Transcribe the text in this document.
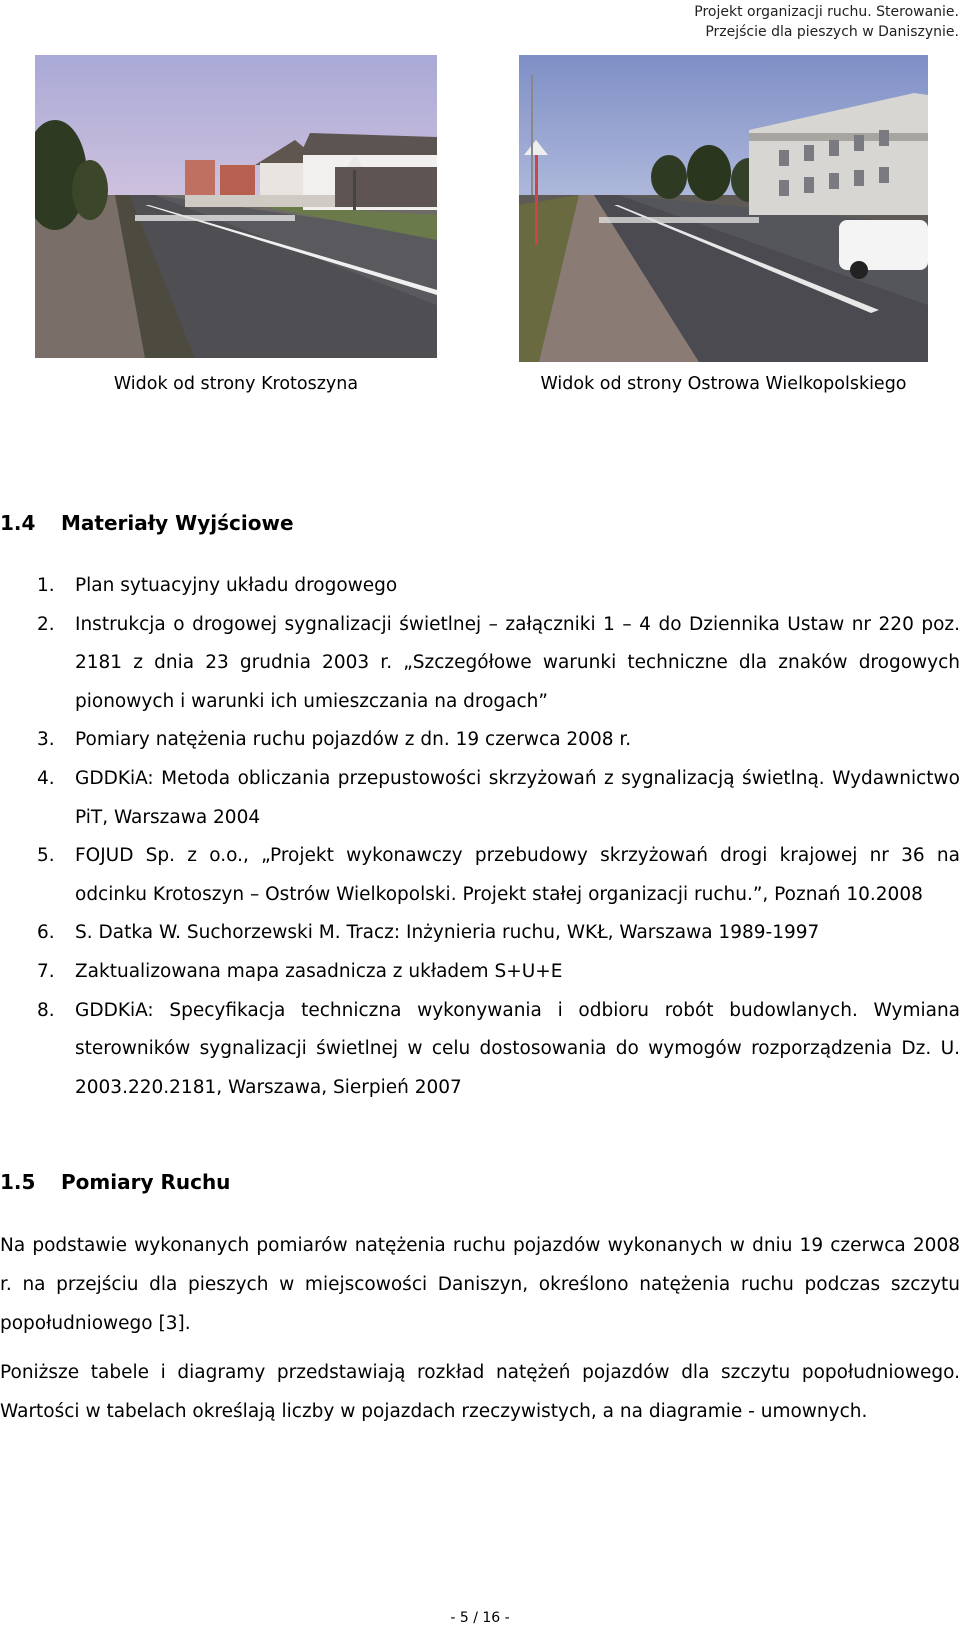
Projekt organizacji ruchu. Sterowanie.
Przejście dla pieszych w Daniszynie.
Widok od strony Krotoszyna	Widok od strony Ostrowa Wielkopolskiego
1.4 Materiały Wyjściowe
1.	Plan sytuacyjny układu drogowego
2.	Instrukcja o drogowej sygnalizacji świetlnej – załączniki 1 – 4 do Dziennika Ustaw nr 220 poz. 2181 z dnia 23 grudnia 2003 r. „Szczegółowe warunki techniczne dla znaków drogowych pionowych i warunki ich umieszczania na drogach”
3.	Pomiary natężenia ruchu pojazdów z dn. 19 czerwca 2008 r.
4.	GDDKiA: Metoda obliczania przepustowości skrzyżowań z sygnalizacją świetlną. Wydawnictwo PiT, Warszawa 2004
5.	FOJUD Sp. z o.o., „Projekt wykonawczy przebudowy skrzyżowań drogi krajowej nr 36 na odcinku Krotoszyn – Ostrów Wielkopolski. Projekt stałej organizacji ruchu.”, Poznań 10.2008
6.	S. Datka W. Suchorzewski M. Tracz: Inżynieria ruchu, WKŁ, Warszawa 1989-1997
7.	Zaktualizowana mapa zasadnicza z układem S+U+E
8.	GDDKiA: Specyfikacja techniczna wykonywania i odbioru robót budowlanych. Wymiana sterowników sygnalizacji świetlnej w celu dostosowania do wymogów rozporządzenia Dz. U. 2003.220.2181, Warszawa, Sierpień 2007
1.5 Pomiary Ruchu

Na podstawie wykonanych pomiarów natężenia ruchu pojazdów wykonanych w dniu 19 czerwca 2008 r. na przejściu dla pieszych w miejscowości Daniszyn, określono natężenia ruchu podczas szczytu popołudniowego [3].

Poniższe tabele i diagramy przedstawiają rozkład natężeń pojazdów dla szczytu popołudniowego. Wartości w tabelach określają liczby w pojazdach rzeczywistych, a na diagramie - umownych.

- 5 / 16 -
